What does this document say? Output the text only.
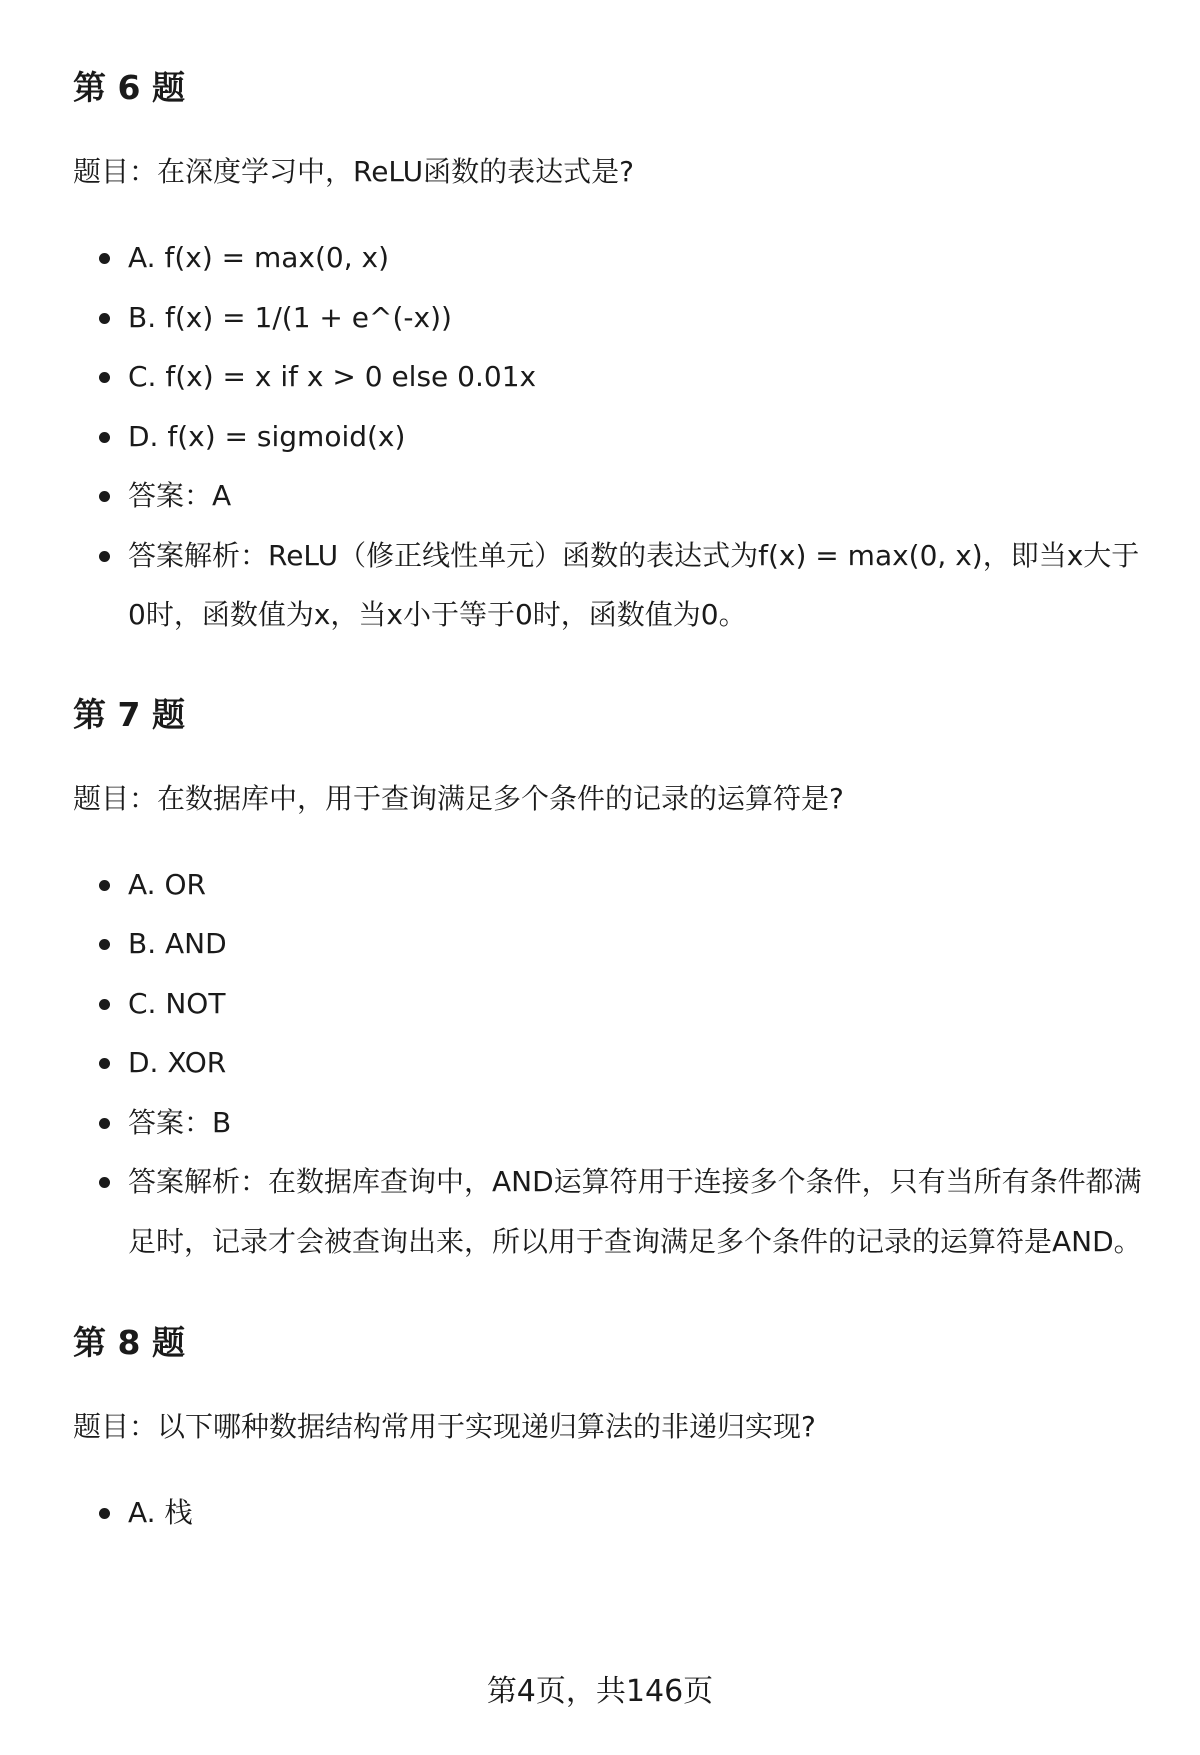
第 6 题

题目：在深度学习中，ReLU函数的表达式是?

A. f(x) = max(0, x)
B. f(x) = 1/(1 + e^(-x))
C. f(x) = x if x > 0 else 0.01x
D. f(x) = sigmoid(x)
答案：A
答案解析：ReLU（修正线性单元）函数的表达式为f(x) = max(0, x)，即当x大于0时，函数值为x，当x小于等于0时，函数值为0。
第 7 题

题目：在数据库中，用于查询满足多个条件的记录的运算符是?

A. OR
B. AND
C. NOT
D. XOR
答案：B
答案解析：在数据库查询中，AND运算符用于连接多个条件，只有当所有条件都满足时，记录才会被查询出来，所以用于查询满足多个条件的记录的运算符是AND。
第 8 题

题目：以下哪种数据结构常用于实现递归算法的非递归实现?

A. 栈
第4页，共146页
